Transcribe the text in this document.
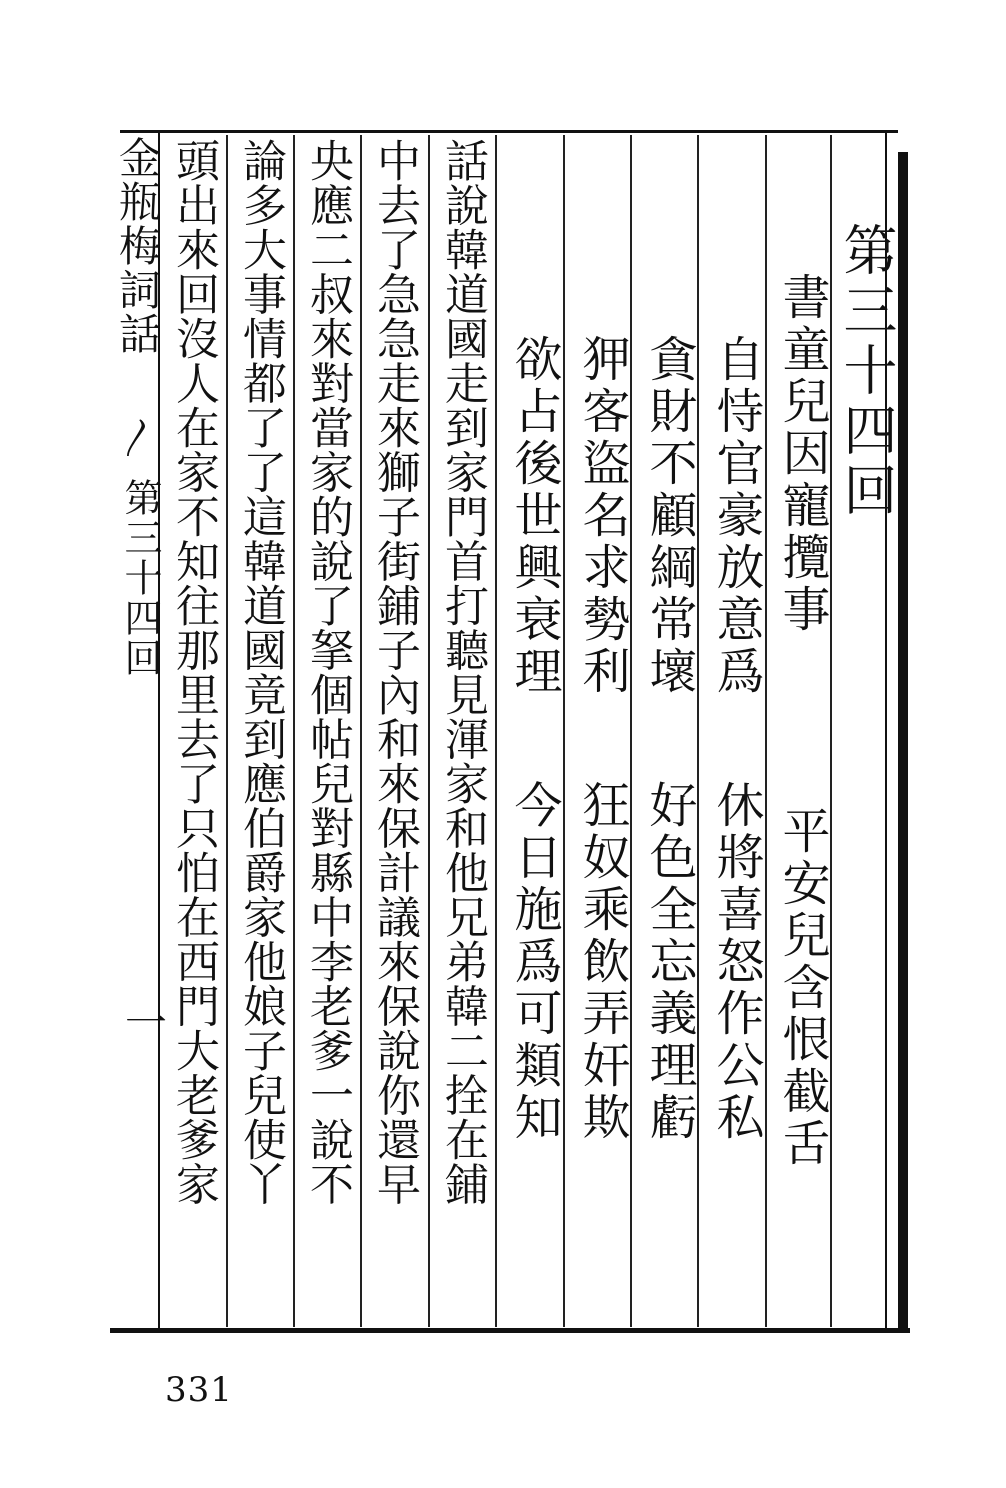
第三十四回
書童兒因寵攬事
平安兒含恨截舌
自恃官豪放意爲
休將喜怒作公私
貪財不顧綱常壞
好色全忘義理虧
狎客盜名求勢利
狂奴乘飲弄奸欺
欲占後世興衰理
今日施爲可類知
話說韓道國走到家門首打聽見渾家和他兄弟韓二拴在鋪
中去了急急走來獅子街鋪子內和來保計議來保說你還早
央應二叔來對當家的說了拏個帖兒對縣中李老爹一說不
論多大事情都了了這韓道國竟到應伯爵家他娘子兒使丫
頭出來回沒人在家不知往那里去了只怕在西門大老爹家
金瓶梅詞話
〳
第三十四回
一
331
